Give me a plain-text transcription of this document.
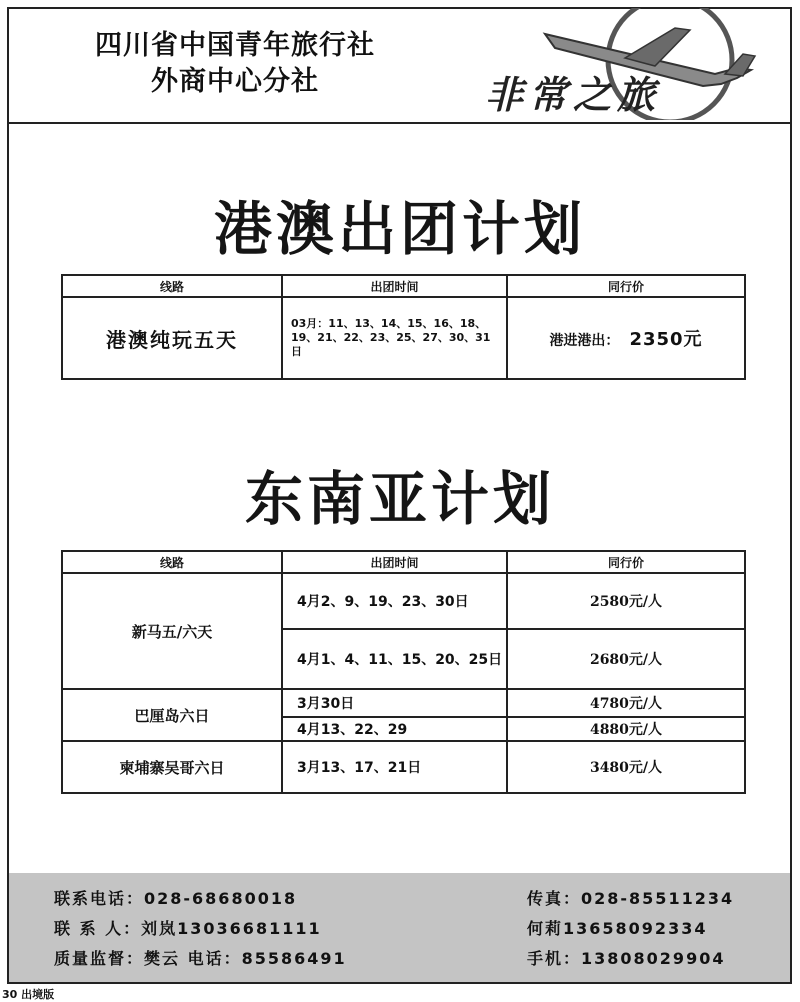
四川省中国青年旅行社
外商中心分社	非常之旅
港澳出团计划
线路	出团时间	同行价
港澳纯玩五天	03月：11、13、14、15、16、18、19、21、22、23、25、27、30、31日	港进港出： 2350元
东南亚计划
线路	出团时间	同行价
新马五/六天	4月2、9、19、23、30日	2580元/人
	4月1、4、11、15、20、25日	2680元/人
巴厘岛六日	3月30日	4780元/人
	4月13、22、29	4880元/人
柬埔寨吴哥六日	3月13、17、21日	3480元/人
联系电话：028-68680018	传真：028-85511234
联 系 人：刘岚13036681111	何莉13658092334
质量监督：樊云 电话：85586491	手机：13808029904
30 出境版
